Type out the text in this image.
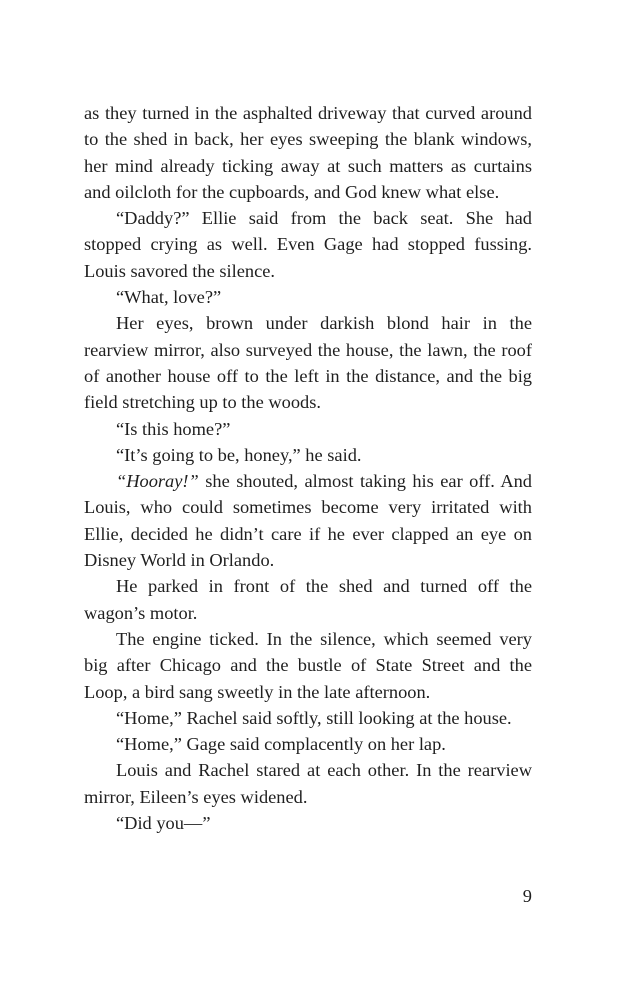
as they turned in the asphalted driveway that curved around to the shed in back, her eyes sweeping the blank windows, her mind already ticking away at such matters as curtains and oilcloth for the cupboards, and God knew what else.

“Daddy?” Ellie said from the back seat. She had stopped crying as well. Even Gage had stopped fussing. Louis savored the silence.

“What, love?”

Her eyes, brown under darkish blond hair in the rearview mirror, also surveyed the house, the lawn, the roof of another house off to the left in the distance, and the big field stretching up to the woods.

“Is this home?”

“It’s going to be, honey,” he said.

“Hooray!” she shouted, almost taking his ear off. And Louis, who could sometimes become very irritated with Ellie, decided he didn’t care if he ever clapped an eye on Disney World in Orlando.

He parked in front of the shed and turned off the wagon’s motor.

The engine ticked. In the silence, which seemed very big after Chicago and the bustle of State Street and the Loop, a bird sang sweetly in the late afternoon.

“Home,” Rachel said softly, still looking at the house.

“Home,” Gage said complacently on her lap.

Louis and Rachel stared at each other. In the rearview mirror, Eileen’s eyes widened.

“Did you—”

9
